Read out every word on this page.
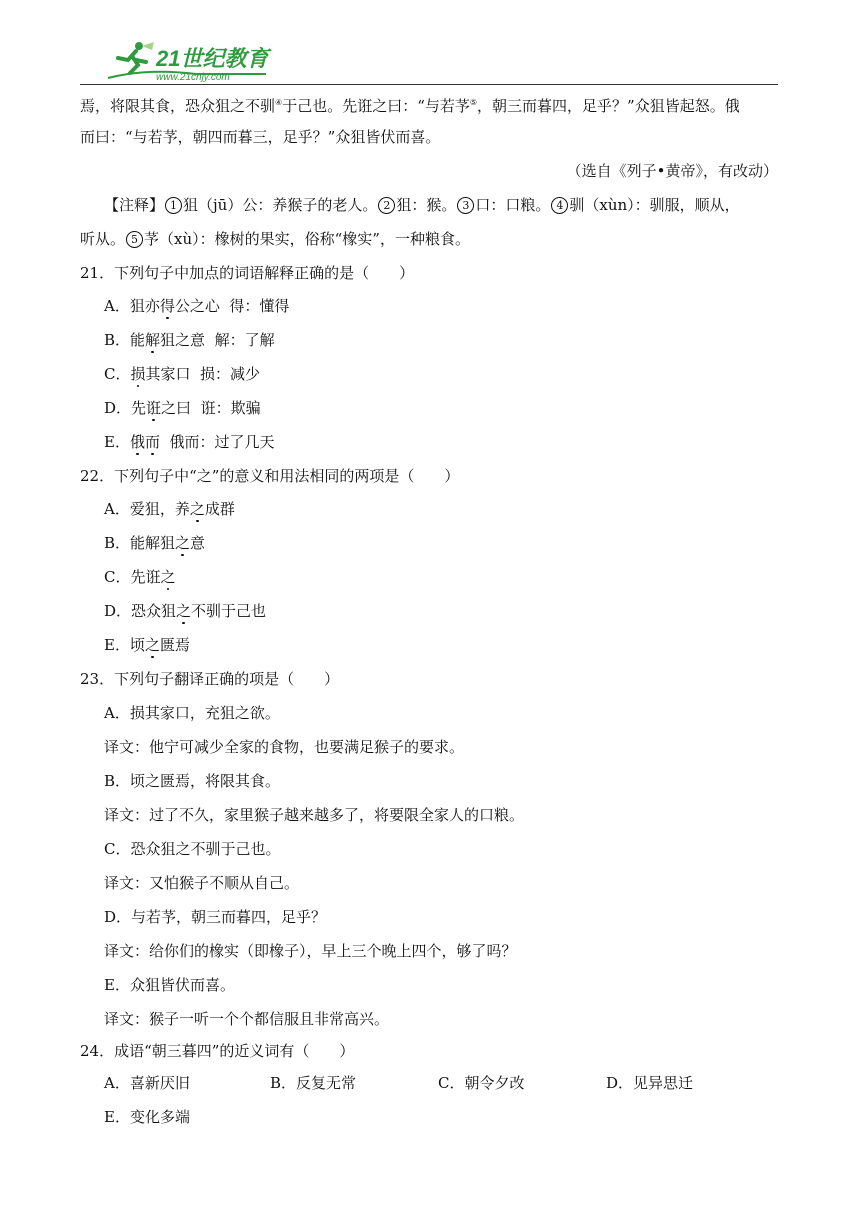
21世纪教育
www.21cnjy.com
焉，将限其食，恐众狙之不驯④于己也。先诳之曰：“与若芧⑤，朝三而暮四，足乎？”众狙皆起怒。俄
而曰：“与若芧，朝四而暮三，足乎？”众狙皆伏而喜。
（选自《列子•黄帝》，有改动）
【注释】 1 狙（jū）公：养猴子的老人。 2 狙：猴。 3 口：口粮。 4 驯（xùn）：驯服，顺从，
听从。 5 芧（xù）：橡树的果实，俗称“橡实”，一种粮食。
21．下列句子中加点的词语解释正确的是（　　）
A．狙亦得公之心  得：懂得
B．能解狙之意  解：了解
C．损其家口  损：减少
D．先诳之曰  诳：欺骗
E．俄而  俄而：过了几天
22．下列句子中“之”的意义和用法相同的两项是（　　）
A．爱狙，养之成群
B．能解狙之意
C．先诳之
D．恐众狙之不驯于己也
E．顷之匮焉
23．下列句子翻译正确的项是（　　）
A．损其家口，充狙之欲。
译文：他宁可减少全家的食物，也要满足猴子的要求。
B．顷之匮焉，将限其食。
译文：过了不久，家里猴子越来越多了，将要限全家人的口粮。
C．恐众狙之不驯于己也。
译文：又怕猴子不顺从自己。
D．与若芧，朝三而暮四，足乎？
译文：给你们的橡实（即橡子），早上三个晚上四个，够了吗？
E．众狙皆伏而喜。
译文：猴子一听一个个都信服且非常高兴。
24．成语“朝三暮四”的近义词有（　　）
A．喜新厌旧	B．反复无常	C．朝令夕改	D．见异思迁
E．变化多端
